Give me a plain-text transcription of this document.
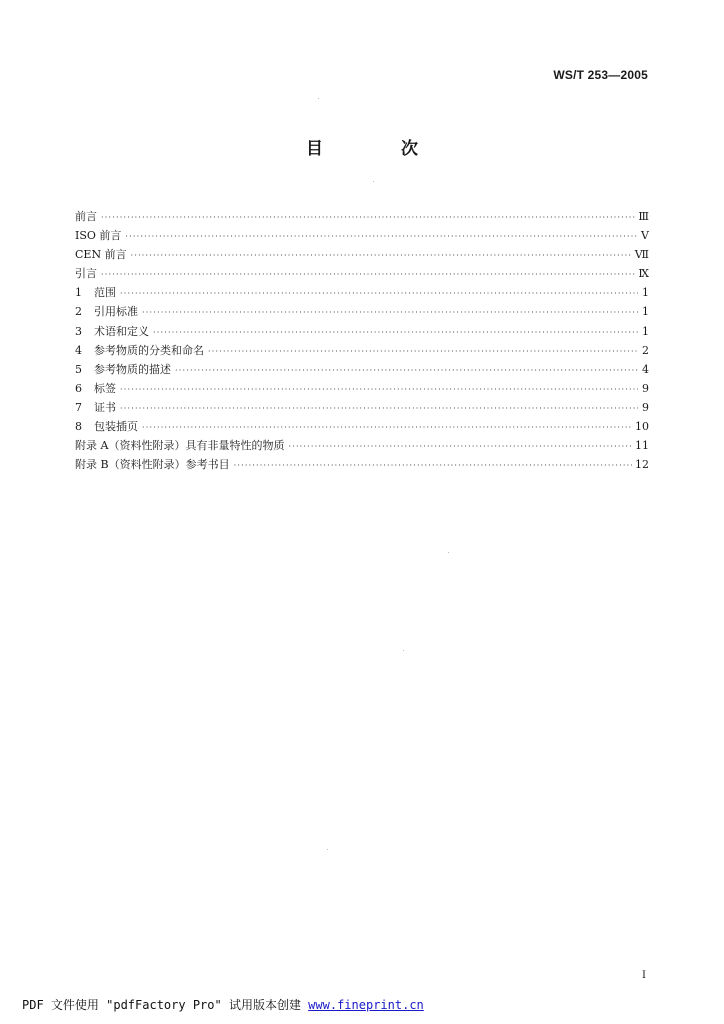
WS/T 253—2005
目 次
前言 ·····	Ⅲ
ISO 前言 ·····	Ⅴ
CEN 前言 ·····	Ⅶ
引言 ·····	Ⅸ
1	范围 ·····	1
2	引用标准 ·····	1
3	术语和定义 ·····	1
4	参考物质的分类和命名 ·····	2
5	参考物质的描述 ·····	4
6	标签 ·····	9
7	证书 ·····	9
8	包装插页 ·····	10
附录 A（资料性附录）具有非量特性的物质 ·····	11
附录 B（资料性附录）参考书目 ·····	12
I
PDF 文件使用 "pdfFactory Pro" 试用版本创建 www.fineprint.cn
